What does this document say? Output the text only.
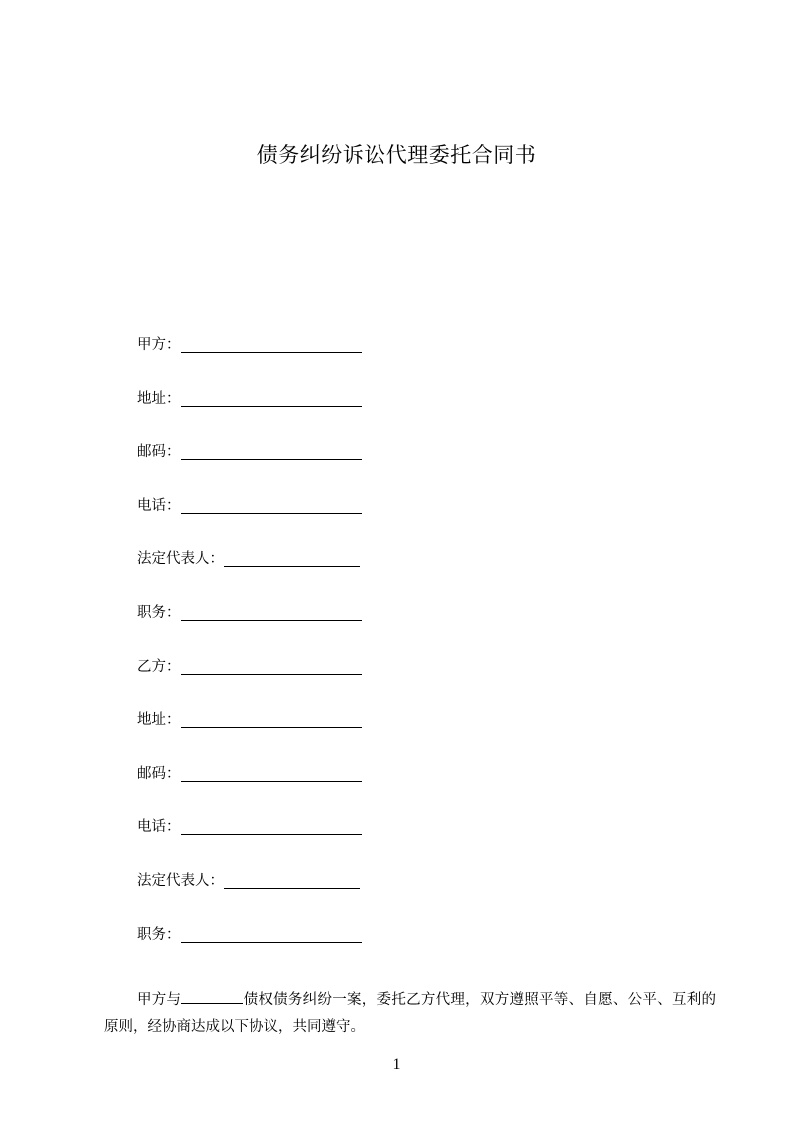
债务纠纷诉讼代理委托合同书
甲方：
地址：
邮码：
电话：
法定代表人：
职务：
乙方：
地址：
邮码：
电话：
法定代表人：
职务：

甲方与	债权债务纠纷一案，委托乙方代理，双方遵照平等、自愿、公平、互利的原则，经协商达成以下协议，共同遵守。

1
